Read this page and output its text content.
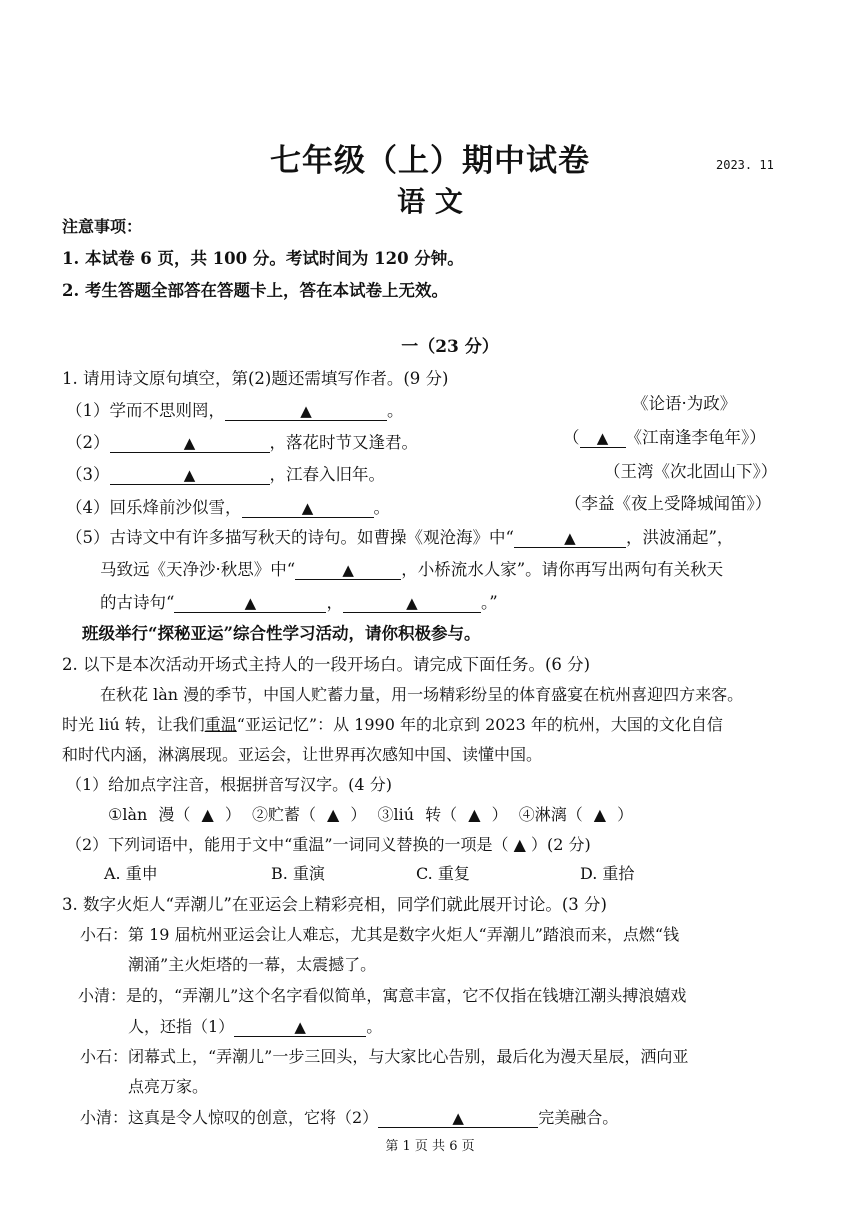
七年级（上）期中试卷
语 文
2023. 11
注意事项：
1. 本试卷 6 页，共 100 分。考试时间为 120 分钟。
2. 考生答题全部答在答题卡上，答在本试卷上无效。
一（23 分）
1. 请用诗文原句填空，第(2)题还需填写作者。(9 分)
（1）学而不思则罔，	▲	。	《论语·为政》
（2）	▲	，落花时节又逢君。	（ ▲ 《江南逢李龟年》）
（3）	▲	，江春入旧年。	（王湾《次北固山下》）
（4）回乐烽前沙似雪，	▲	。	（李益《夜上受降城闻笛》）
（5）古诗文中有许多描写秋天的诗句。如曹操《观沧海》中“	▲	，洪波涌起”，
马致远《天净沙·秋思》中“	▲	，小桥流水人家”。请你再写出两句有关秋天
的古诗句“	▲	，	▲	。”
班级举行“探秘亚运”综合性学习活动，请你积极参与。
2. 以下是本次活动开场式主持人的一段开场白。请完成下面任务。(6 分)
在秋花 làn 漫的季节，中国人贮蓄力量，用一场精彩纷呈的体育盛宴在杭州喜迎四方来客。
时光 liú 转，让我们重温“亚运记忆”：从 1990 年的北京到 2023 年的杭州，大国的文化自信
和时代内涵，淋漓展现。亚运会，让世界再次感知中国、读懂中国。
（1）给加点字注音，根据拼音写汉字。(4 分)
①làn 漫（ ▲ ） ②贮蓄（ ▲ ） ③liú 转（ ▲ ） ④淋漓（ ▲ ）
（2）下列词语中，能用于文中“重温”一词同义替换的一项是（ ▲ ）(2 分)
A. 重申	B. 重演	C. 重复	D. 重拾
3. 数字火炬人“弄潮儿”在亚运会上精彩亮相，同学们就此展开讨论。(3 分)
小石：第 19 届杭州亚运会让人难忘，尤其是数字火炬人“弄潮儿”踏浪而来，点燃“钱
潮涌”主火炬塔的一幕，太震撼了。
小清：是的，“弄潮儿”这个名字看似简单，寓意丰富，它不仅指在钱塘江潮头搏浪嬉戏
人，还指（1）	▲	。
小石：闭幕式上，“弄潮儿”一步三回头，与大家比心告别，最后化为漫天星辰，洒向亚
点亮万家。
小清：这真是令人惊叹的创意，它将（2）	▲	完美融合。
第 1 页 共 6 页
